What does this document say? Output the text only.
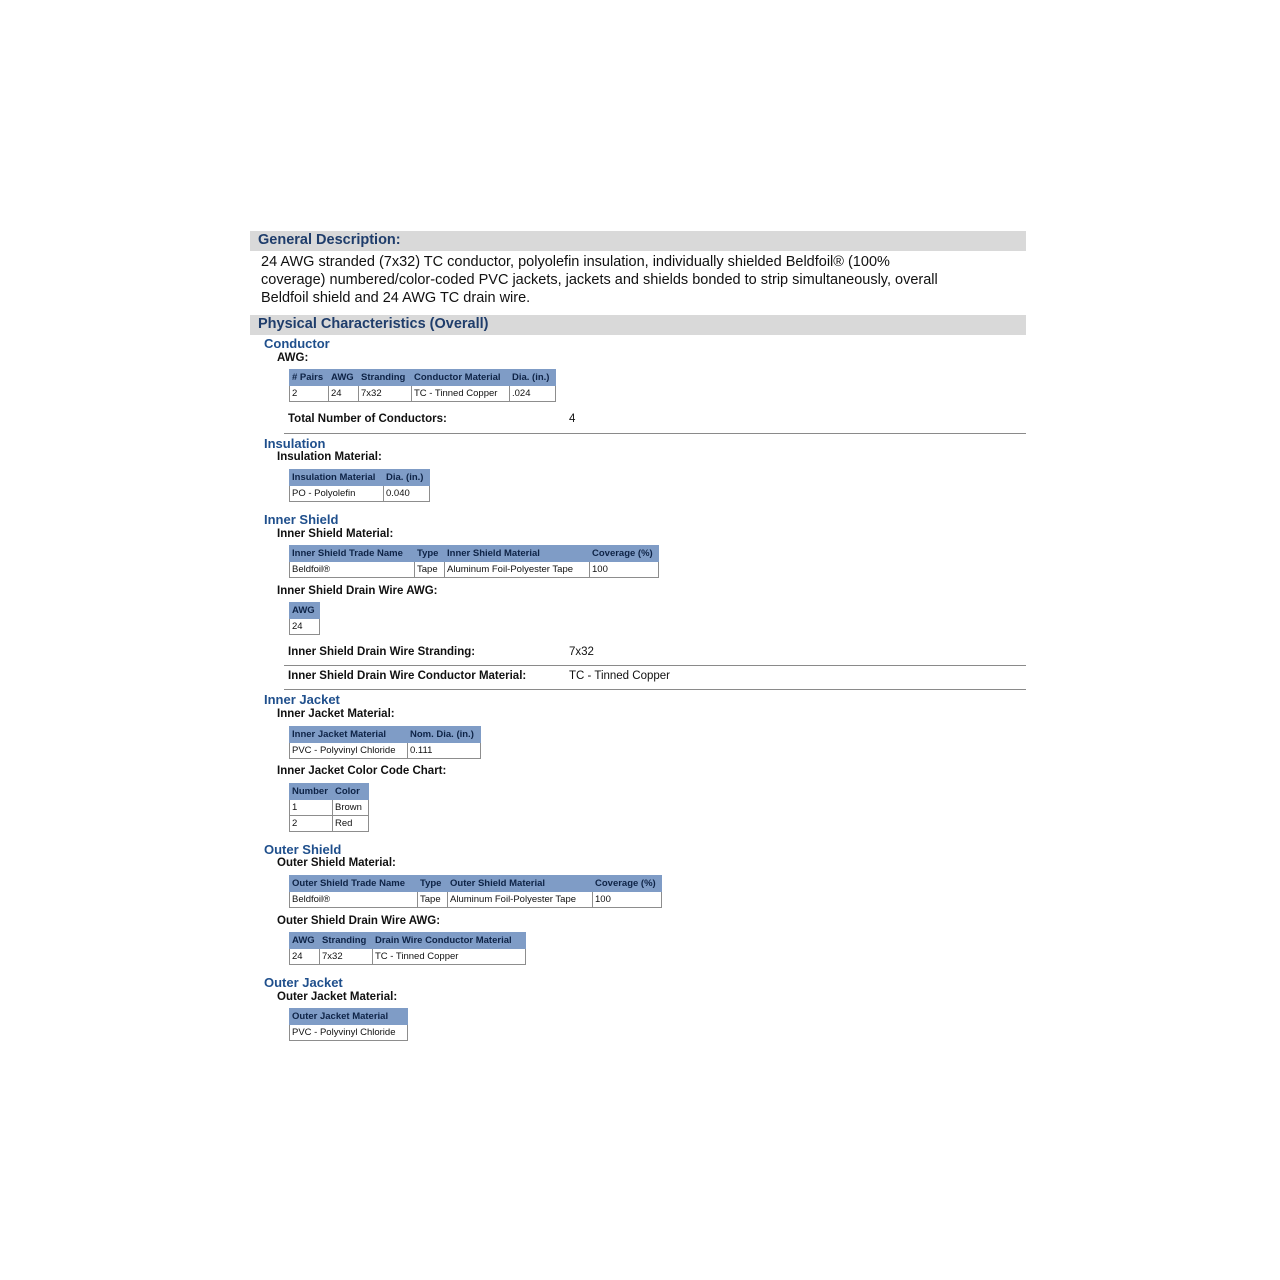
General Description:
24 AWG stranded (7x32) TC conductor, polyolefin insulation, individually shielded Beldfoil® (100%
coverage) numbered/color-coded PVC jackets, jackets and shields bonded to strip simultaneously, overall
Beldfoil shield and 24 AWG TC drain wire.
Physical Characteristics (Overall)
Conductor
AWG:
# Pairs	AWG	Stranding	Conductor Material	Dia. (in.)
2	24	7x32	TC - Tinned Copper	.024
Total Number of Conductors:	4
Insulation
Insulation Material:
Insulation Material	Dia. (in.)
PO - Polyolefin	0.040
Inner Shield
Inner Shield Material:
Inner Shield Trade Name	Type	Inner Shield Material	Coverage (%)
Beldfoil®	Tape	Aluminum Foil-Polyester Tape	100
Inner Shield Drain Wire AWG:
AWG
24
Inner Shield Drain Wire Stranding:	7x32
Inner Shield Drain Wire Conductor Material:	TC - Tinned Copper
Inner Jacket
Inner Jacket Material:
Inner Jacket Material	Nom. Dia. (in.)
PVC - Polyvinyl Chloride	0.111
Inner Jacket Color Code Chart:
Number	Color
1	Brown
2	Red
Outer Shield
Outer Shield Material:
Outer Shield Trade Name	Type	Outer Shield Material	Coverage (%)
Beldfoil®	Tape	Aluminum Foil-Polyester Tape	100
Outer Shield Drain Wire AWG:
AWG	Stranding	Drain Wire Conductor Material
24	7x32	TC - Tinned Copper
Outer Jacket
Outer Jacket Material:
Outer Jacket Material
PVC - Polyvinyl Chloride
